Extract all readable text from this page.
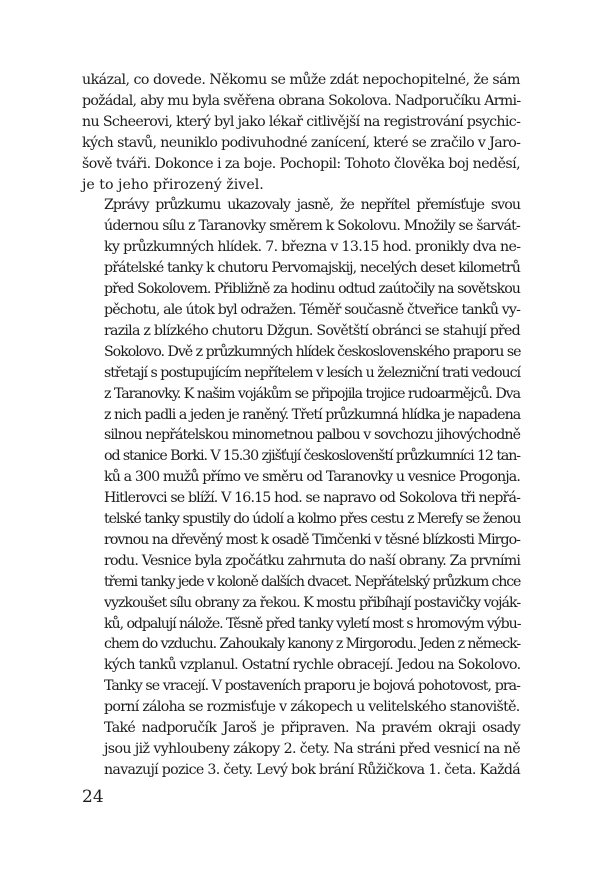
ukázal, co dovede. Někomu se může zdát nepochopitelné, že sám
požádal, aby mu byla svěřena obrana Sokolova. Nadporučíku Armi-
nu Scheerovi, který byl jako lékař citlivější na registrování psychic-
kých stavů, neuniklo podivuhodné zanícení, které se zračilo v Jaro-
šově tváři. Dokonce i za boje. Pochopil: Tohoto člověka boj neděsí,
je to jeho přirozený živel.

Zprávy průzkumu ukazovaly jasně, že nepřítel přemísťuje svou
údernou sílu z Taranovky směrem k Sokolovu. Množily se šarvát-
ky průzkumných hlídek. 7. března v 13.15 hod. pronikly dva ne-
přátelské tanky k chutoru Pervomajskij, necelých deset kilometrů
před Sokolovem. Přibližně za hodinu odtud zaútočily na sovětskou
pěchotu, ale útok byl odražen. Téměř současně čtveřice tanků vy-
razila z blízkého chutoru Džgun. Sovětští obránci se stahují před
Sokolovo. Dvě z průzkumných hlídek československého praporu se
střetají s postupujícím nepřítelem v lesích u železniční trati vedoucí
z Taranovky. K našim vojákům se připojila trojice rudoarmějců. Dva
z nich padli a jeden je raněný. Třetí průzkumná hlídka je napadena
silnou nepřátelskou minometnou palbou v sovchozu jihovýchodně
od stanice Borki. V 15.30 zjišťují českoslovenští průzkumníci 12 tan-
ků a 300 mužů přímo ve směru od Taranovky u vesnice Progonja.
Hitlerovci se blíží. V 16.15 hod. se napravo od Sokolova tři nepřá-
telské tanky spustily do údolí a kolmo přes cestu z Merefy se ženou
rovnou na dřevěný most k osadě Timčenki v těsné blízkosti Mirgo-
rodu. Vesnice byla zpočátku zahrnuta do naší obrany. Za prvními
třemi tanky jede v koloně dalších dvacet. Nepřátelský průzkum chce
vyzkoušet sílu obrany za řekou. K mostu přibíhají postavičky voják-
ků, odpalují nálože. Těsně před tanky vyletí most s hromovým výbu-
chem do vzduchu. Zahoukaly kanony z Mirgorodu. Jeden z německ-
kých tanků vzplanul. Ostatní rychle obracejí. Jedou na Sokolovo.
Tanky se vracejí. V postaveních praporu je bojová pohotovost, pra-
porní záloha se rozmisťuje v zákopech u velitelského stanoviště.

Také nadporučík Jaroš je připraven. Na pravém okraji osady
jsou již vyhloubeny zákopy 2. čety. Na stráni před vesnicí na ně
navazují pozice 3. čety. Levý bok brání Růžičkova 1. četa. Každá

24
